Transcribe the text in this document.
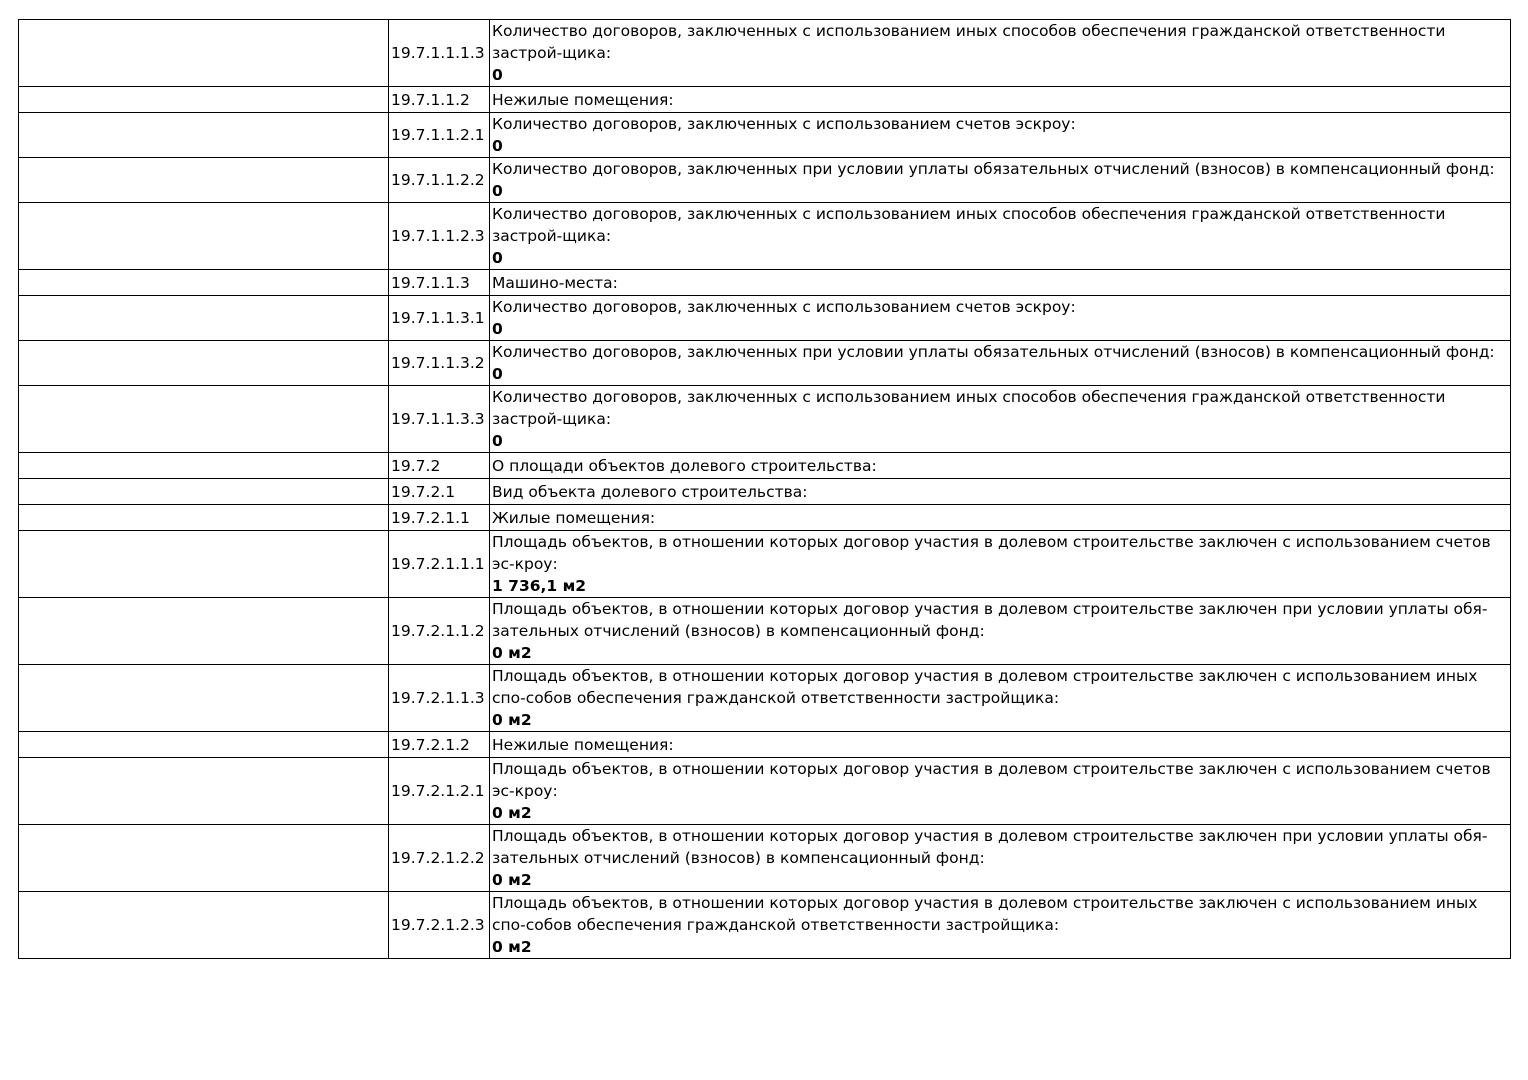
	19.7.1.1.1.3	Количество договоров, заключенных с использованием иных способов обеспечения гражданской ответственности застрой-щика:
0

	19.7.1.1.2	Нежилые помещения:

	19.7.1.1.2.1	Количество договоров, заключенных с использованием счетов эскроу:
0

	19.7.1.1.2.2	Количество договоров, заключенных при условии уплаты обязательных отчислений (взносов) в компенсационный фонд:
0

	19.7.1.1.2.3	Количество договоров, заключенных с использованием иных способов обеспечения гражданской ответственности застрой-щика:
0

	19.7.1.1.3	Машино-места:

	19.7.1.1.3.1	Количество договоров, заключенных с использованием счетов эскроу:
0

	19.7.1.1.3.2	Количество договоров, заключенных при условии уплаты обязательных отчислений (взносов) в компенсационный фонд:
0

	19.7.1.1.3.3	Количество договоров, заключенных с использованием иных способов обеспечения гражданской ответственности застрой-щика:
0

	19.7.2	О площади объектов долевого строительства:

	19.7.2.1	Вид объекта долевого строительства:

	19.7.2.1.1	Жилые помещения:

	19.7.2.1.1.1	Площадь объектов, в отношении которых договор участия в долевом строительстве заключен с использованием счетов эс-кроу:
1 736,1 м2

	19.7.2.1.1.2	Площадь объектов, в отношении которых договор участия в долевом строительстве заключен при условии уплаты обя-зательных отчислений (взносов) в компенсационный фонд:
0 м2

	19.7.2.1.1.3	Площадь объектов, в отношении которых договор участия в долевом строительстве заключен с использованием иных спо-собов обеспечения гражданской ответственности застройщика:
0 м2

	19.7.2.1.2	Нежилые помещения:

	19.7.2.1.2.1	Площадь объектов, в отношении которых договор участия в долевом строительстве заключен с использованием счетов эс-кроу:
0 м2

	19.7.2.1.2.2	Площадь объектов, в отношении которых договор участия в долевом строительстве заключен при условии уплаты обя-зательных отчислений (взносов) в компенсационный фонд:
0 м2

	19.7.2.1.2.3	Площадь объектов, в отношении которых договор участия в долевом строительстве заключен с использованием иных спо-собов обеспечения гражданской ответственности застройщика:
0 м2
